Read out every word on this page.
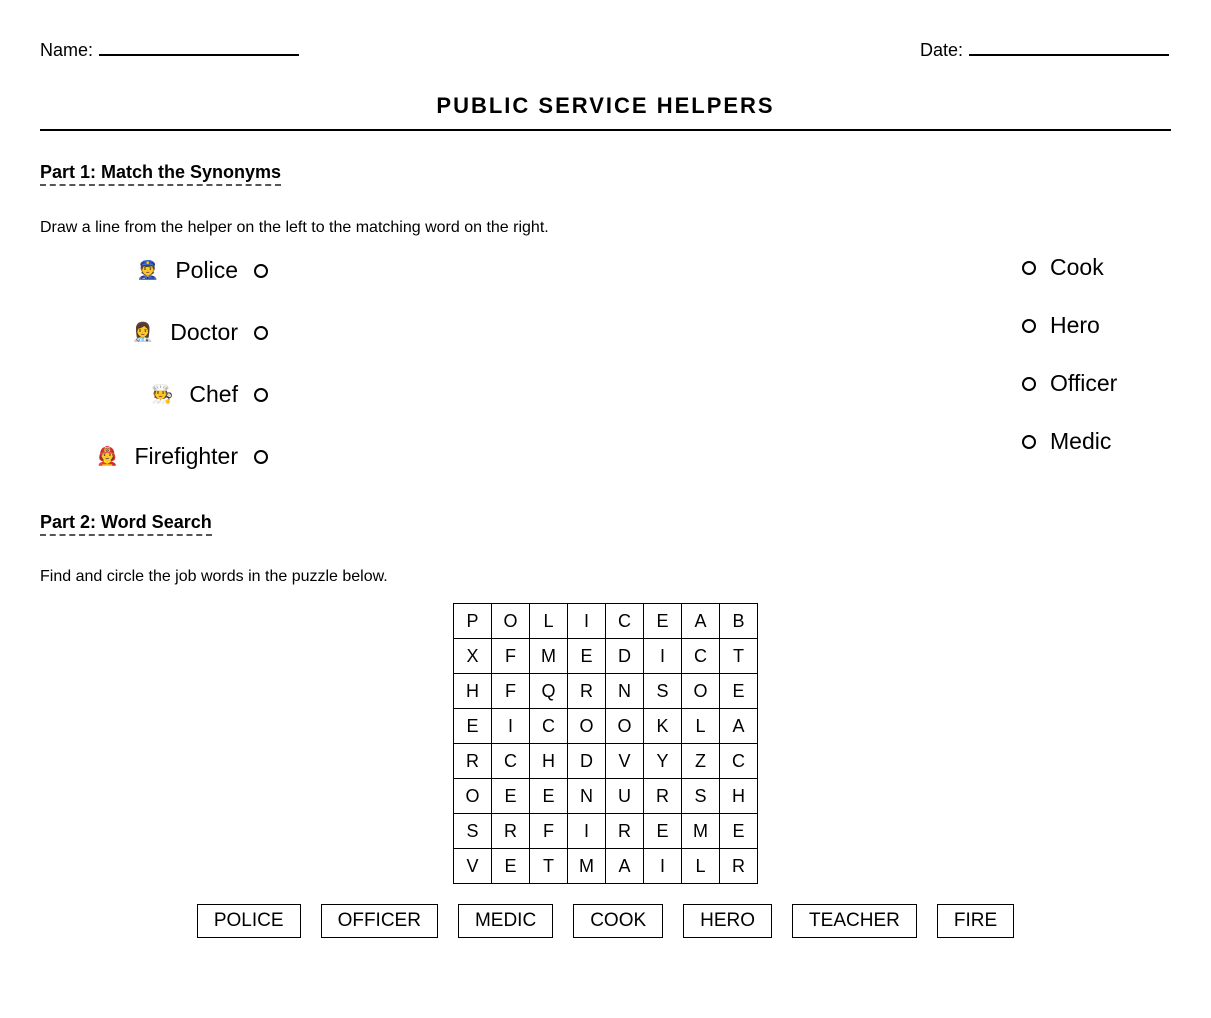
Name:	Date:
PUBLIC SERVICE HELPERS
Part 1: Match the Synonyms
Draw a line from the helper on the left to the matching word on the right.
👮 Police
👩‍⚕️ Doctor
🧑‍🍳 Chef
🧑‍🚒 Firefighter
Cook
Hero
Officer
Medic
Part 2: Word Search
Find and circle the job words in the puzzle below.
P	O	L	I	C	E	A	B
X	F	M	E	D	I	C	T
H	F	Q	R	N	S	O	E
E	I	C	O	O	K	L	A
R	C	H	D	V	Y	Z	C
O	E	E	N	U	R	S	H
S	R	F	I	R	E	M	E
V	E	T	M	A	I	L	R
POLICE	OFFICER	MEDIC	COOK	HERO	TEACHER	FIRE
